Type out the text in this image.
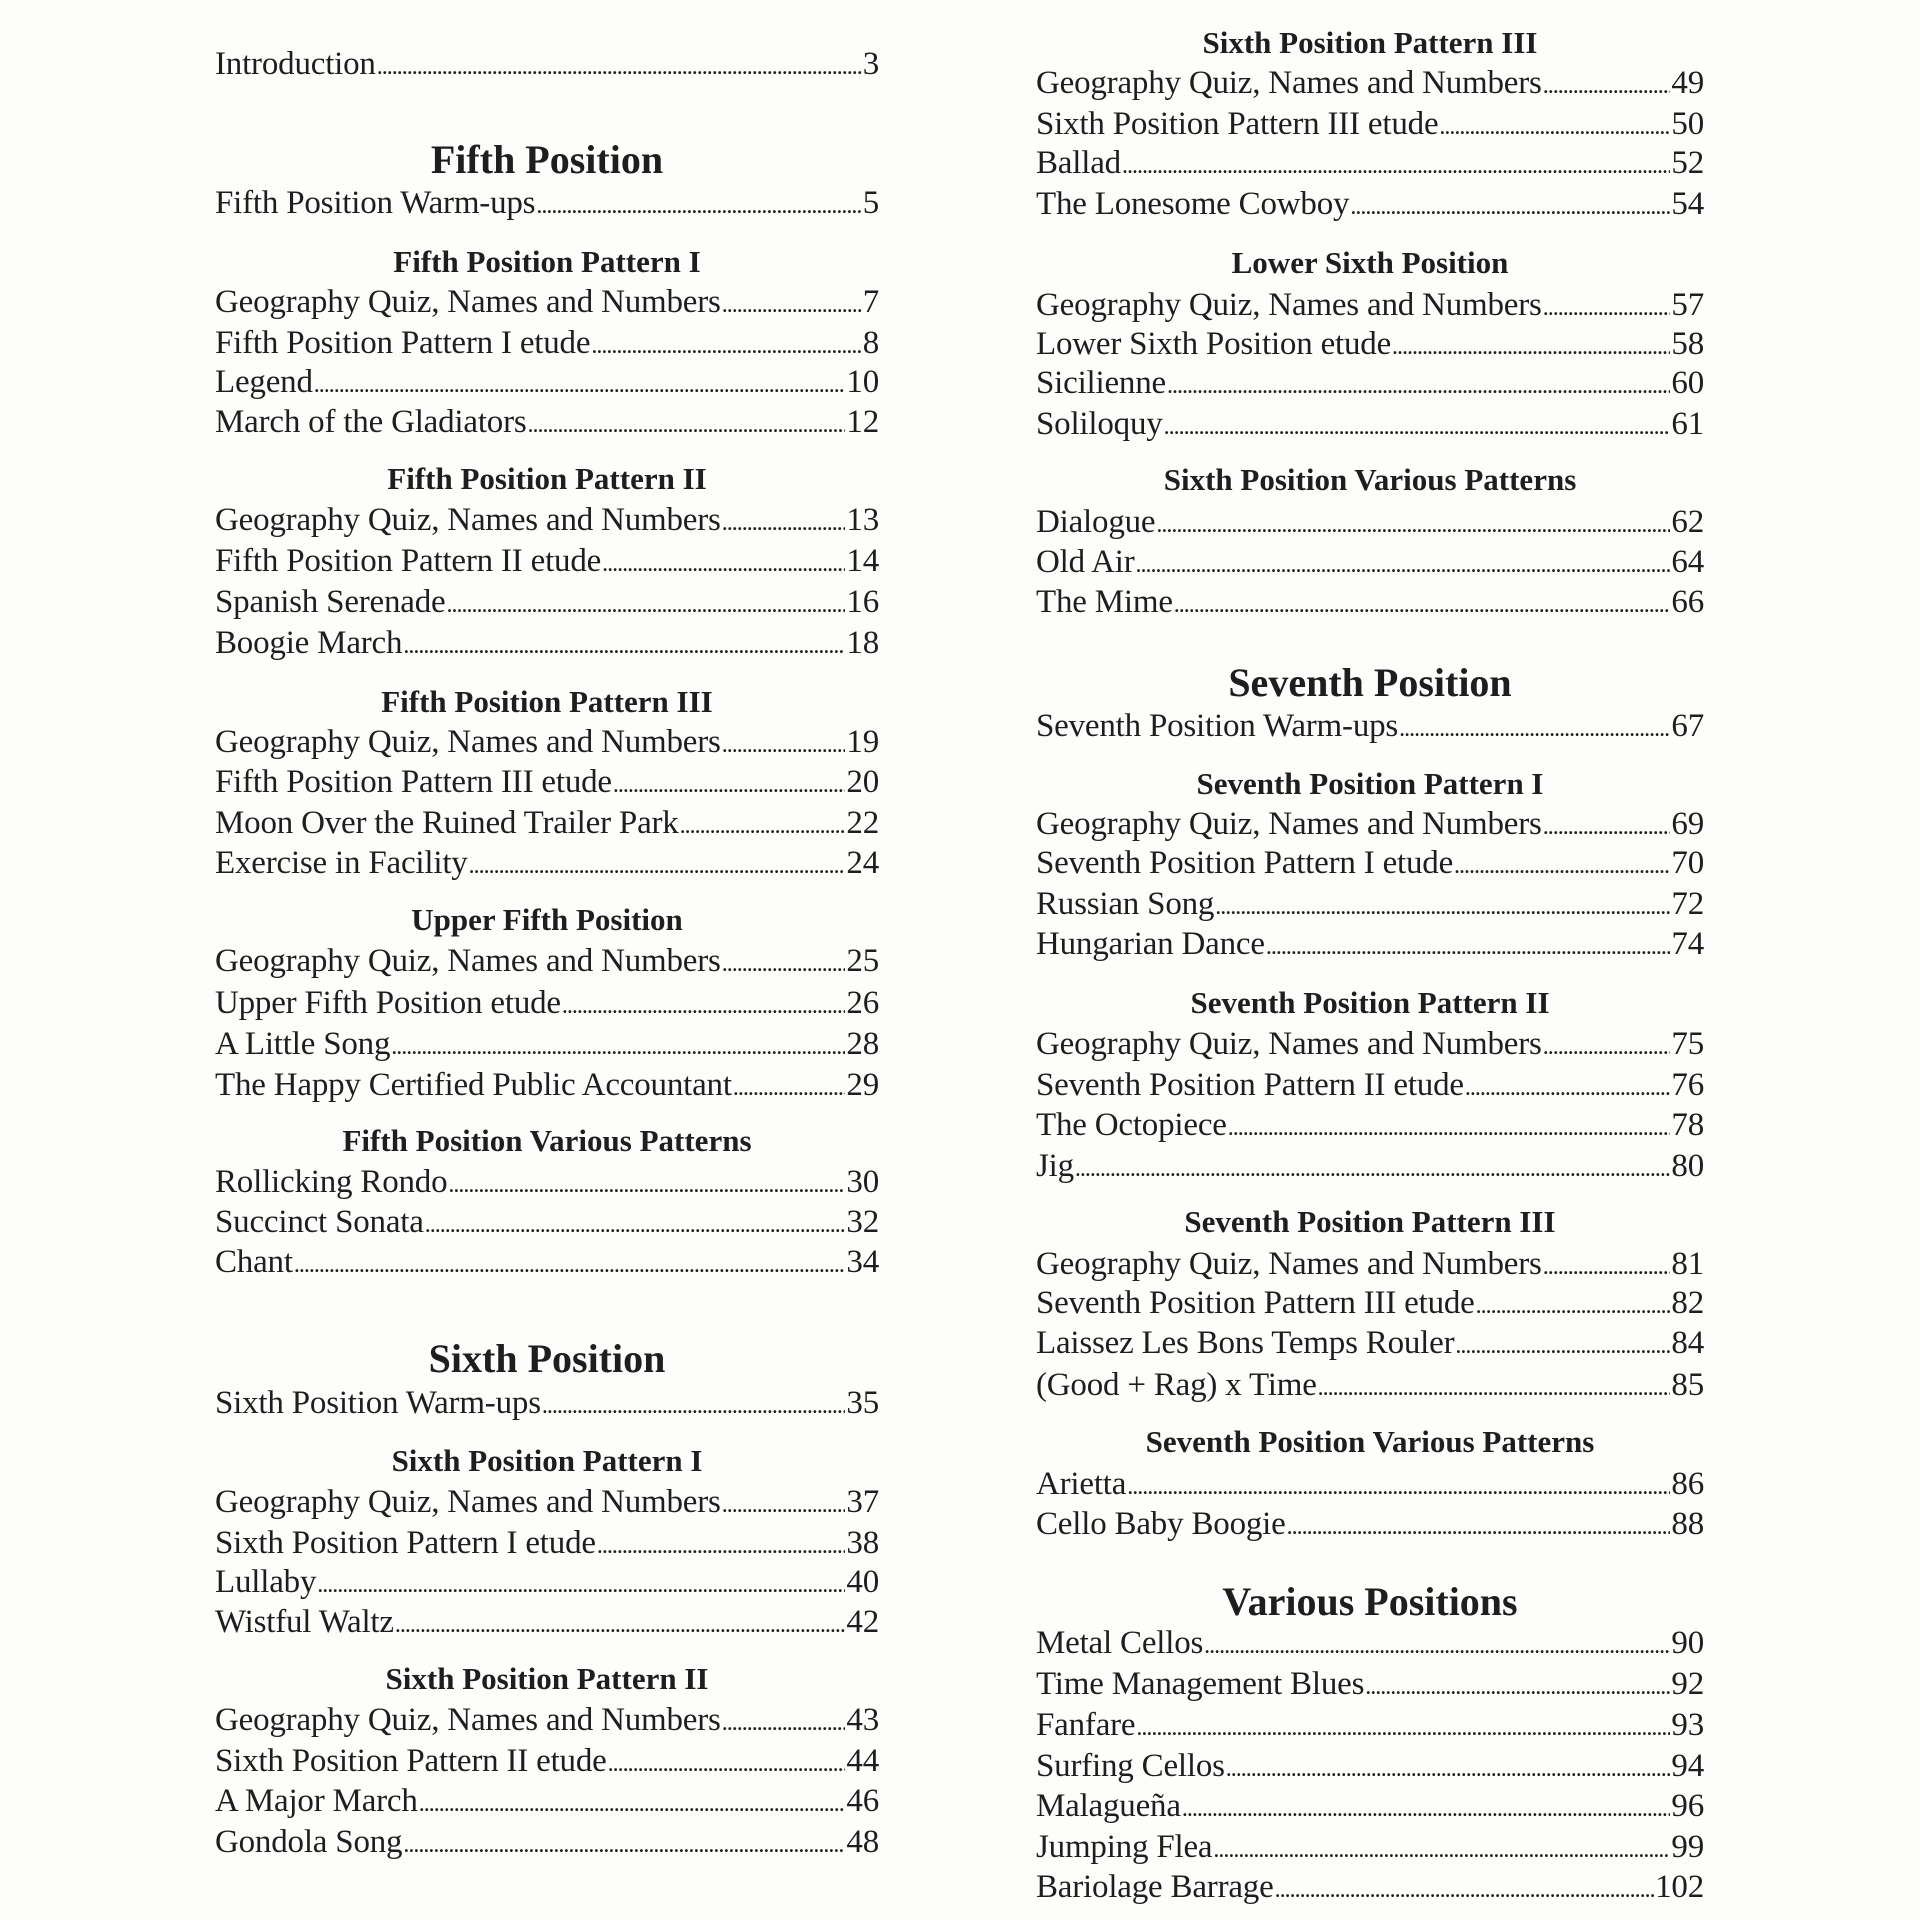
Introduction . . .	3
Fifth Position
Fifth Position Warm-ups . . .	5
Fifth Position Pattern I
Geography Quiz, Names and Numbers . . .	7
Fifth Position Pattern I etude . . .	8
Legend . . .	10
March of the Gladiators . . .	12
Fifth Position Pattern II
Geography Quiz, Names and Numbers . . .	13
Fifth Position Pattern II etude . . .	14
Spanish Serenade . . .	16
Boogie March . . .	18
Fifth Position Pattern III
Geography Quiz, Names and Numbers . . .	19
Fifth Position Pattern III etude . . .	20
Moon Over the Ruined Trailer Park . . .	22
Exercise in Facility . . .	24
Upper Fifth Position
Geography Quiz, Names and Numbers . . .	25
Upper Fifth Position etude . . .	26
A Little Song . . .	28
The Happy Certified Public Accountant . . .	29
Fifth Position Various Patterns
Rollicking Rondo . . .	30
Succinct Sonata . . .	32
Chant . . .	34
Sixth Position
Sixth Position Warm-ups . . .	35
Sixth Position Pattern I
Geography Quiz, Names and Numbers . . .	37
Sixth Position Pattern I etude . . .	38
Lullaby . . .	40
Wistful Waltz . . .	42
Sixth Position Pattern II
Geography Quiz, Names and Numbers . . .	43
Sixth Position Pattern II etude . . .	44
A Major March . . .	46
Gondola Song . . .	48
Sixth Position Pattern III
Geography Quiz, Names and Numbers . . .	49
Sixth Position Pattern III etude . . .	50
Ballad . . .	52
The Lonesome Cowboy . . .	54
Lower Sixth Position
Geography Quiz, Names and Numbers . . .	57
Lower Sixth Position etude . . .	58
Sicilienne . . .	60
Soliloquy . . .	61
Sixth Position Various Patterns
Dialogue . . .	62
Old Air . . .	64
The Mime . . .	66
Seventh Position
Seventh Position Warm-ups . . .	67
Seventh Position Pattern I
Geography Quiz, Names and Numbers . . .	69
Seventh Position Pattern I etude . . .	70
Russian Song . . .	72
Hungarian Dance . . .	74
Seventh Position Pattern II
Geography Quiz, Names and Numbers . . .	75
Seventh Position Pattern II etude . . .	76
The Octopiece . . .	78
Jig . . .	80
Seventh Position Pattern III
Geography Quiz, Names and Numbers . . .	81
Seventh Position Pattern III etude . . .	82
Laissez Les Bons Temps Rouler . . .	84
(Good + Rag) x Time . . .	85
Seventh Position Various Patterns
Arietta . . .	86
Cello Baby Boogie . . .	88
Various Positions
Metal Cellos . . .	90
Time Management Blues . . .	92
Fanfare . . .	93
Surfing Cellos . . .	94
Malagueña . . .	96
Jumping Flea . . .	99
Bariolage Barrage . . .	102
